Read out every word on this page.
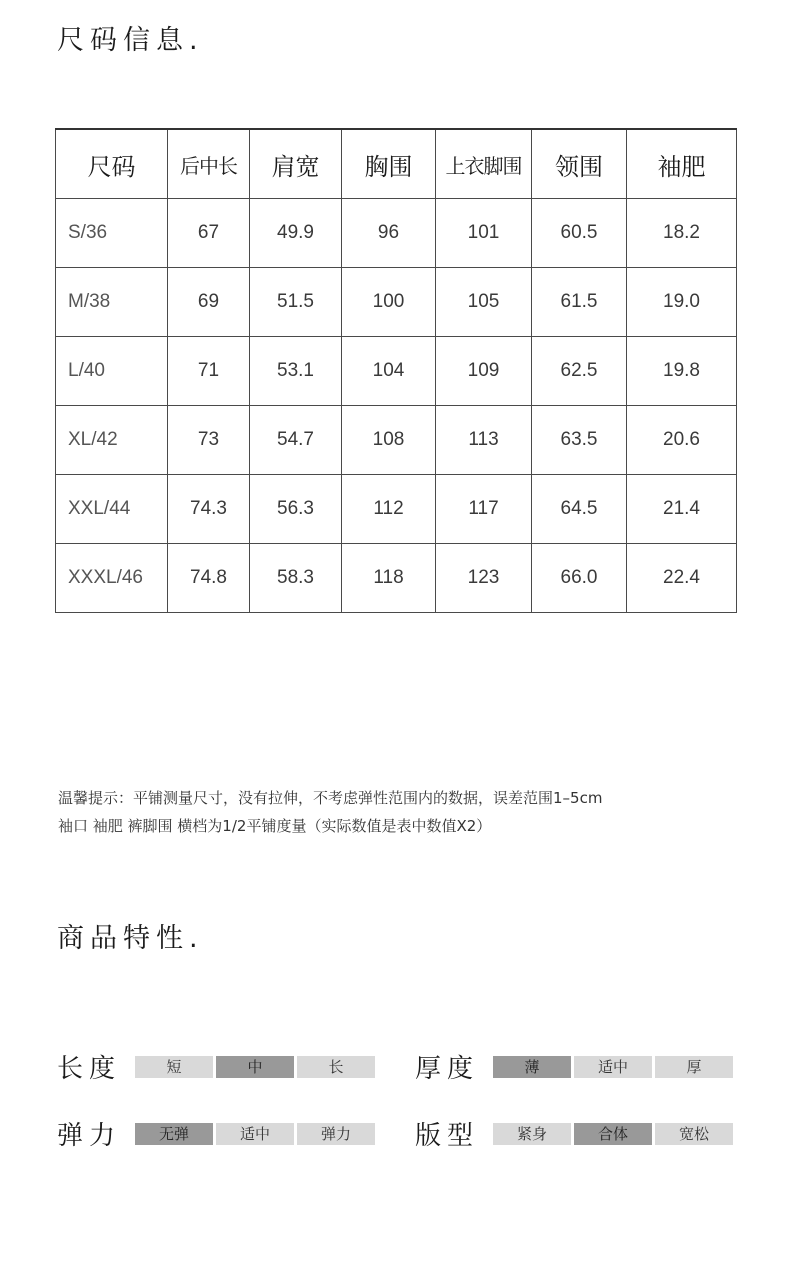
尺码信息.
尺码	后中长	肩宽	胸围	上衣脚围	领围	袖肥
S/36	67	49.9	96	101	60.5	18.2
M/38	69	51.5	100	105	61.5	19.0
L/40	71	53.1	104	109	62.5	19.8
XL/42	73	54.7	108	113	63.5	20.6
XXL/44	74.3	56.3	112	117	64.5	21.4
XXXL/46	74.8	58.3	118	123	66.0	22.4
温馨提示：平铺测量尺寸，没有拉伸，不考虑弹性范围内的数据，误差范围1–5cm
袖口 袖肥 裤脚围 横档为1/2平铺度量（实际数值是表中数值X2）
商品特性.
长度	短	中	长	厚度	薄	适中	厚
弹力	无弹	适中	弹力	版型	紧身	合体	宽松
